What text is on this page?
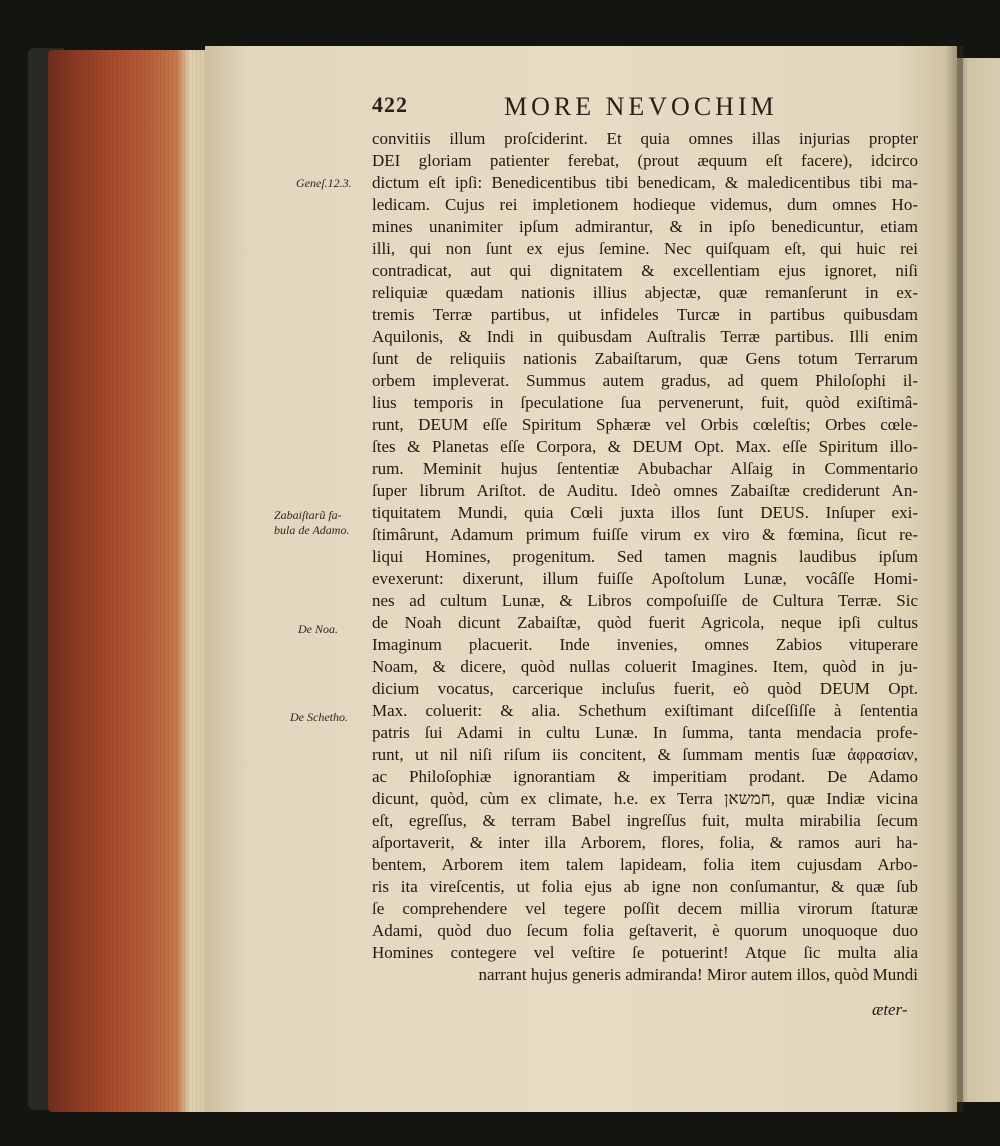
422	MORE NEVOCHIM
convitiis illum proſciderint. Et quia omnes illas injurias propter
DEI gloriam patienter ferebat, (prout æquum eſt facere), idcirco
dictum eſt ipſi: Benedicentibus tibi benedicam, & maledicentibus tibi ma-
ledicam. Cujus rei impletionem hodieque videmus, dum omnes Ho-
mines unanimiter ipſum admirantur, & in ipſo benedicuntur, etiam
illi, qui non ſunt ex ejus ſemine. Nec quiſquam eſt, qui huic rei
contradicat, aut qui dignitatem & excellentiam ejus ignoret, niſi
reliquiæ quædam nationis illius abjectæ, quæ remanſerunt in ex-
tremis Terræ partibus, ut infideles Turcæ in partibus quibusdam
Aquilonis, & Indi in quibusdam Auſtralis Terræ partibus. Illi enim
ſunt de reliquiis nationis Zabaiſtarum, quæ Gens totum Terrarum
orbem impleverat. Summus autem gradus, ad quem Philoſophi il-
lius temporis in ſpeculatione ſua pervenerunt, fuit, quòd exiſtimâ-
runt, DEUM eſſe Spiritum Sphæræ vel Orbis cœleſtis; Orbes cœle-
ſtes & Planetas eſſe Corpora, & DEUM Opt. Max. eſſe Spiritum illo-
rum. Meminit hujus ſententiæ Abubachar Alſaig in Commentario
ſuper librum Ariſtot. de Auditu. Ideò omnes Zabaiſtæ crediderunt An-
tiquitatem Mundi, quia Cœli juxta illos ſunt DEUS. Inſuper exi-
ſtimârunt, Adamum primum fuiſſe virum ex viro & fœmina, ſicut re-
liqui Homines, progenitum. Sed tamen magnis laudibus ipſum
evexerunt: dixerunt, illum fuiſſe Apoſtolum Lunæ, vocâſſe Homi-
nes ad cultum Lunæ, & Libros compoſuiſſe de Cultura Terræ. Sic
de Noah dicunt Zabaiſtæ, quòd fuerit Agricola, neque ipſi cultus
Imaginum placuerit. Inde invenies, omnes Zabios vituperare
Noam, & dicere, quòd nullas coluerit Imagines. Item, quòd in ju-
dicium vocatus, carcerique incluſus fuerit, eò quòd DEUM Opt.
Max. coluerit: & alia. Schethum exiſtimant diſceſſiſſe à ſententia
patris ſui Adami in cultu Lunæ. In ſumma, tanta mendacia profe-
runt, ut nil niſi riſum iis concitent, & ſummam mentis ſuæ ἀφρασίαν,
ac Philoſophiæ ignorantiam & imperitiam prodant. De Adamo
dicunt, quòd, cùm ex climate, h.e. ex Terra חמשאן, quæ Indiæ vicina
eſt, egreſſus, & terram Babel ingreſſus fuit, multa mirabilia ſecum
aſportaverit, & inter illa Arborem, flores, folia, & ramos auri ha-
bentem, Arborem item talem lapideam, folia item cujusdam Arbo-
ris ita vireſcentis, ut folia ejus ab igne non conſumantur, & quæ ſub
ſe comprehendere vel tegere poſſit decem millia virorum ſtaturæ
Adami, quòd duo ſecum folia geſtaverit, è quorum unoquoque duo
Homines contegere vel veſtire ſe potuerint! Atque ſic multa alia
narrant hujus generis admiranda! Miror autem illos, quòd Mundi
æter-
Geneſ.12.3.
Zabaiſtarũ fa-
bula de Adamo.
De Noa.
De Schetho.
